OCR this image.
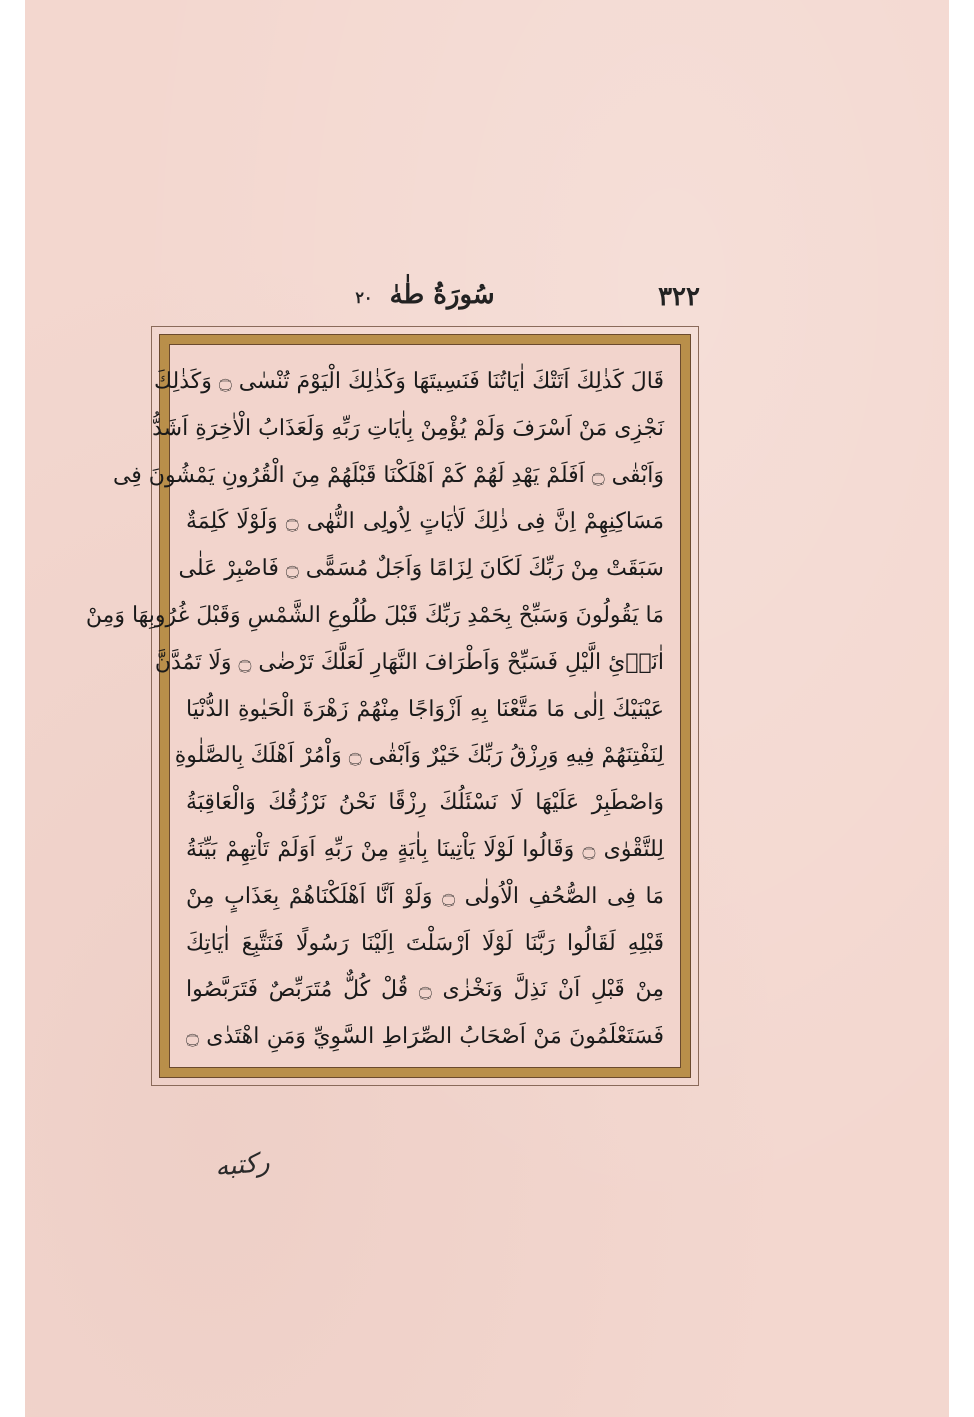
٣٢٢
سُورَةُ طٰهٰ ٢٠
قَالَ كَذٰلِكَ اَتَتْكَ اٰيَاتُنَا فَنَسِيتَهَا وَكَذٰلِكَ الْيَوْمَ تُنْسٰى ۝ وَكَذٰلِكَ
نَجْزِى مَنْ اَسْرَفَ وَلَمْ يُؤْمِنْ بِاٰيَاتِ رَبِّهِ وَلَعَذَابُ الْاٰخِرَةِ اَشَدُّ
وَاَبْقٰى ۝ اَفَلَمْ يَهْدِ لَهُمْ كَمْ اَهْلَكْنَا قَبْلَهُمْ مِنَ الْقُرُونِ يَمْشُونَ فِى
مَسَاكِنِهِمْ اِنَّ فِى ذٰلِكَ لَاٰيَاتٍ لِاُولِى النُّهٰى ۝ وَلَوْلَا كَلِمَةٌ
سَبَقَتْ مِنْ رَبِّكَ لَكَانَ لِزَامًا وَاَجَلٌ مُسَمًّى ۝ فَاصْبِرْ عَلٰى
مَا يَقُولُونَ وَسَبِّحْ بِحَمْدِ رَبِّكَ قَبْلَ طُلُوعِ الشَّمْسِ وَقَبْلَ غُرُوبِهَا وَمِنْ
اٰنَاۤئِ الَّيْلِ فَسَبِّحْ وَاَطْرَافَ النَّهَارِ لَعَلَّكَ تَرْضٰى ۝ وَلَا تَمُدَّنَّ
عَيْنَيْكَ اِلٰى مَا مَتَّعْنَا بِهِ اَزْوَاجًا مِنْهُمْ زَهْرَةَ الْحَيٰوةِ الدُّنْيَا
لِنَفْتِنَهُمْ فِيهِ وَرِزْقُ رَبِّكَ خَيْرٌ وَاَبْقٰى ۝ وَاْمُرْ اَهْلَكَ بِالصَّلٰوةِ
وَاصْطَبِرْ عَلَيْهَا لَا نَسْئَلُكَ رِزْقًا نَحْنُ نَرْزُقُكَ وَالْعَاقِبَةُ
لِلتَّقْوٰى ۝ وَقَالُوا لَوْلَا يَاْتِينَا بِاٰيَةٍ مِنْ رَبِّهِ اَوَلَمْ تَاْتِهِمْ بَيِّنَةُ
مَا فِى الصُّحُفِ الْاُولٰى ۝ وَلَوْ اَنَّا اَهْلَكْنَاهُمْ بِعَذَابٍ مِنْ
قَبْلِهِ لَقَالُوا رَبَّنَا لَوْلَا اَرْسَلْتَ اِلَيْنَا رَسُولًا فَنَتَّبِعَ اٰيَاتِكَ
مِنْ قَبْلِ اَنْ نَذِلَّ وَنَخْزٰى ۝ قُلْ كُلٌّ مُتَرَبِّصٌ فَتَرَبَّصُوا
فَسَتَعْلَمُونَ مَنْ اَصْحَابُ الصِّرَاطِ السَّوِيِّ وَمَنِ اهْتَدٰى ۝
ركتبه
